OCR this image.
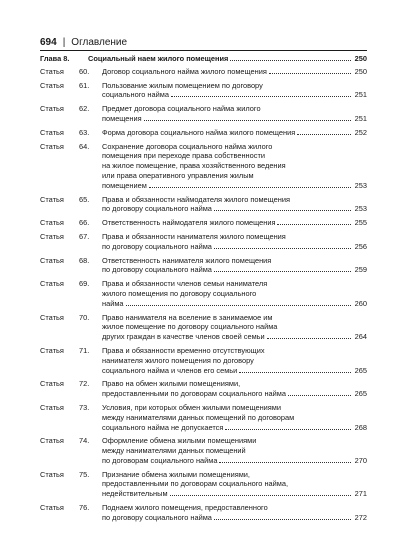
694 | Оглавление
Глава 8.	Социальный наем жилого помещения	250
Статья	60.	Договор социального найма жилого помещения	250
Статья	61.	Пользование жилым помещением по договору
социального найма	251
Статья	62.	Предмет договора социального найма жилого
помещения	251
Статья	63.	Форма договора социального найма жилого помещения	252
Статья	64.	Сохранение договора социального найма жилого
помещения при переходе права собственности
на жилое помещение, права хозяйственного ведения
или права оперативного управления жилым
помещением	253
Статья	65.	Права и обязанности наймодателя жилого помещения
по договору социального найма	253
Статья	66.	Ответственность наймодателя жилого помещения	255
Статья	67.	Права и обязанности нанимателя жилого помещения
по договору социального найма	256
Статья	68.	Ответственность нанимателя жилого помещения
по договору социального найма	259
Статья	69.	Права и обязанности членов семьи нанимателя
жилого помещения по договору социального
найма	260
Статья	70.	Право нанимателя на вселение в занимаемое им
жилое помещение по договору социального найма
других граждан в качестве членов своей семьи	264
Статья	71.	Права и обязанности временно отсутствующих
нанимателя жилого помещения по договору
социального найма и членов его семьи	265
Статья	72.	Право на обмен жилыми помещениями,
предоставленными по договорам социального найма	265
Статья	73.	Условия, при которых обмен жилыми помещениями
между нанимателями данных помещений по договорам
социального найма не допускается	268
Статья	74.	Оформление обмена жилыми помещениями
между нанимателями данных помещений
по договорам социального найма	270
Статья	75.	Признание обмена жилыми помещениями,
предоставленными по договорам социального найма,
недействительным	271
Статья	76.	Поднаем жилого помещения, предоставленного
по договору социального найма	272
